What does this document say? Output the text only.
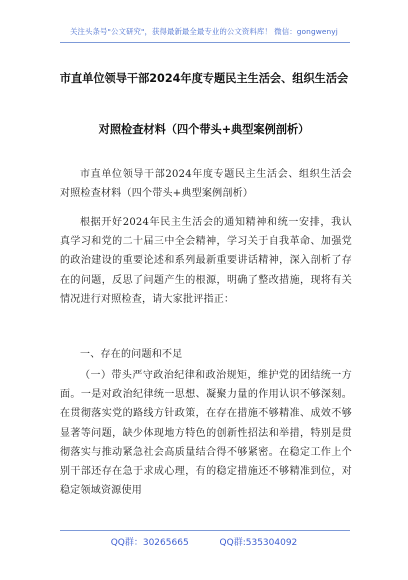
关注头条号"公文研究"，获得最新最全最专业的公文资料库！ 微信：gongwenyj
市直单位领导干部2024年度专题民主生活会、组织生活会
对照检查材料（四个带头+典型案例剖析）

市直单位领导干部2024年度专题民主生活会、组织生活会对照检查材料（四个带头+典型案例剖析）

根据开好2024年民主生活会的通知精神和统一安排，我认真学习和党的二十届三中全会精神，学习关于自我革命、加强党的政治建设的重要论述和系列最新重要讲话精神，深入剖析了存在的问题，反思了问题产生的根源，明确了整改措施，现将有关情况进行对照检查，请大家批评指正：

一、存在的问题和不足

（一）带头严守政治纪律和政治规矩，维护党的团结统一方面。一是对政治纪律统一思想、凝聚力量的作用认识不够深刻。在贯彻落实党的路线方针政策，在存在措施不够精准、成效不够显著等问题，缺少体现地方特色的创新性招法和举措，特别是贯彻落实与推动紧急社会高质量结合得不够紧密。在稳定工作上个别干部还存在急于求成心理，有的稳定措施还不够精准到位，对稳定领域资源使用

QQ群：30265665	QQ群:535304092
